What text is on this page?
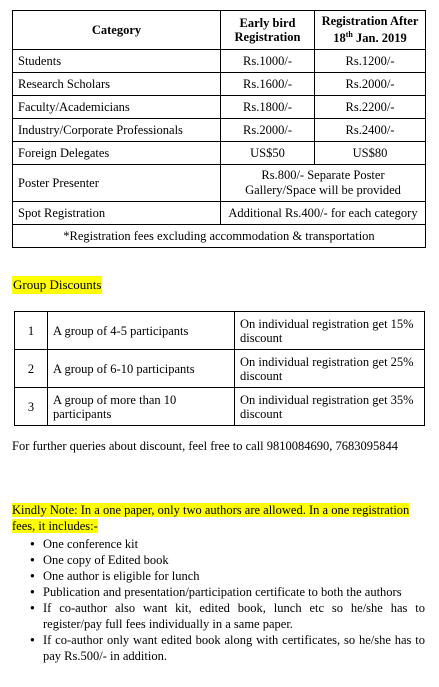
Category	Early bird Registration	Registration After 18th Jan. 2019
Students	Rs.1000/-	Rs.1200/-
Research Scholars	Rs.1600/-	Rs.2000/-
Faculty/Academicians	Rs.1800/-	Rs.2200/-
Industry/Corporate Professionals	Rs.2000/-	Rs.2400/-
Foreign Delegates	US$50	US$80
Poster Presenter	Rs.800/- Separate Poster
Gallery/Space will be provided	

Spot Registration	Additional Rs.400/- for each category	
*Registration fees excluding accommodation & transportation		
Group Discounts
1	A group of 4-5 participants	On individual registration get 15% discount
2	A group of 6-10 participants	On individual registration get 25% discount
3	A group of more than 10 participants	On individual registration get 35% discount
For further queries about discount, feel free to call 9810084690, 7683095844
Kindly Note: In a one paper, only two authors are allowed. In a one registration fees, it includes:-
● One conference kit
● One copy of Edited book
● One author is eligible for lunch
● Publication and presentation/participation certificate to both the authors
● If co-author also want kit, edited book, lunch etc so he/she has to register/pay full fees individually in a same paper.
● If co-author only want edited book along with certificates, so he/she has to pay Rs.500/- in addition.
